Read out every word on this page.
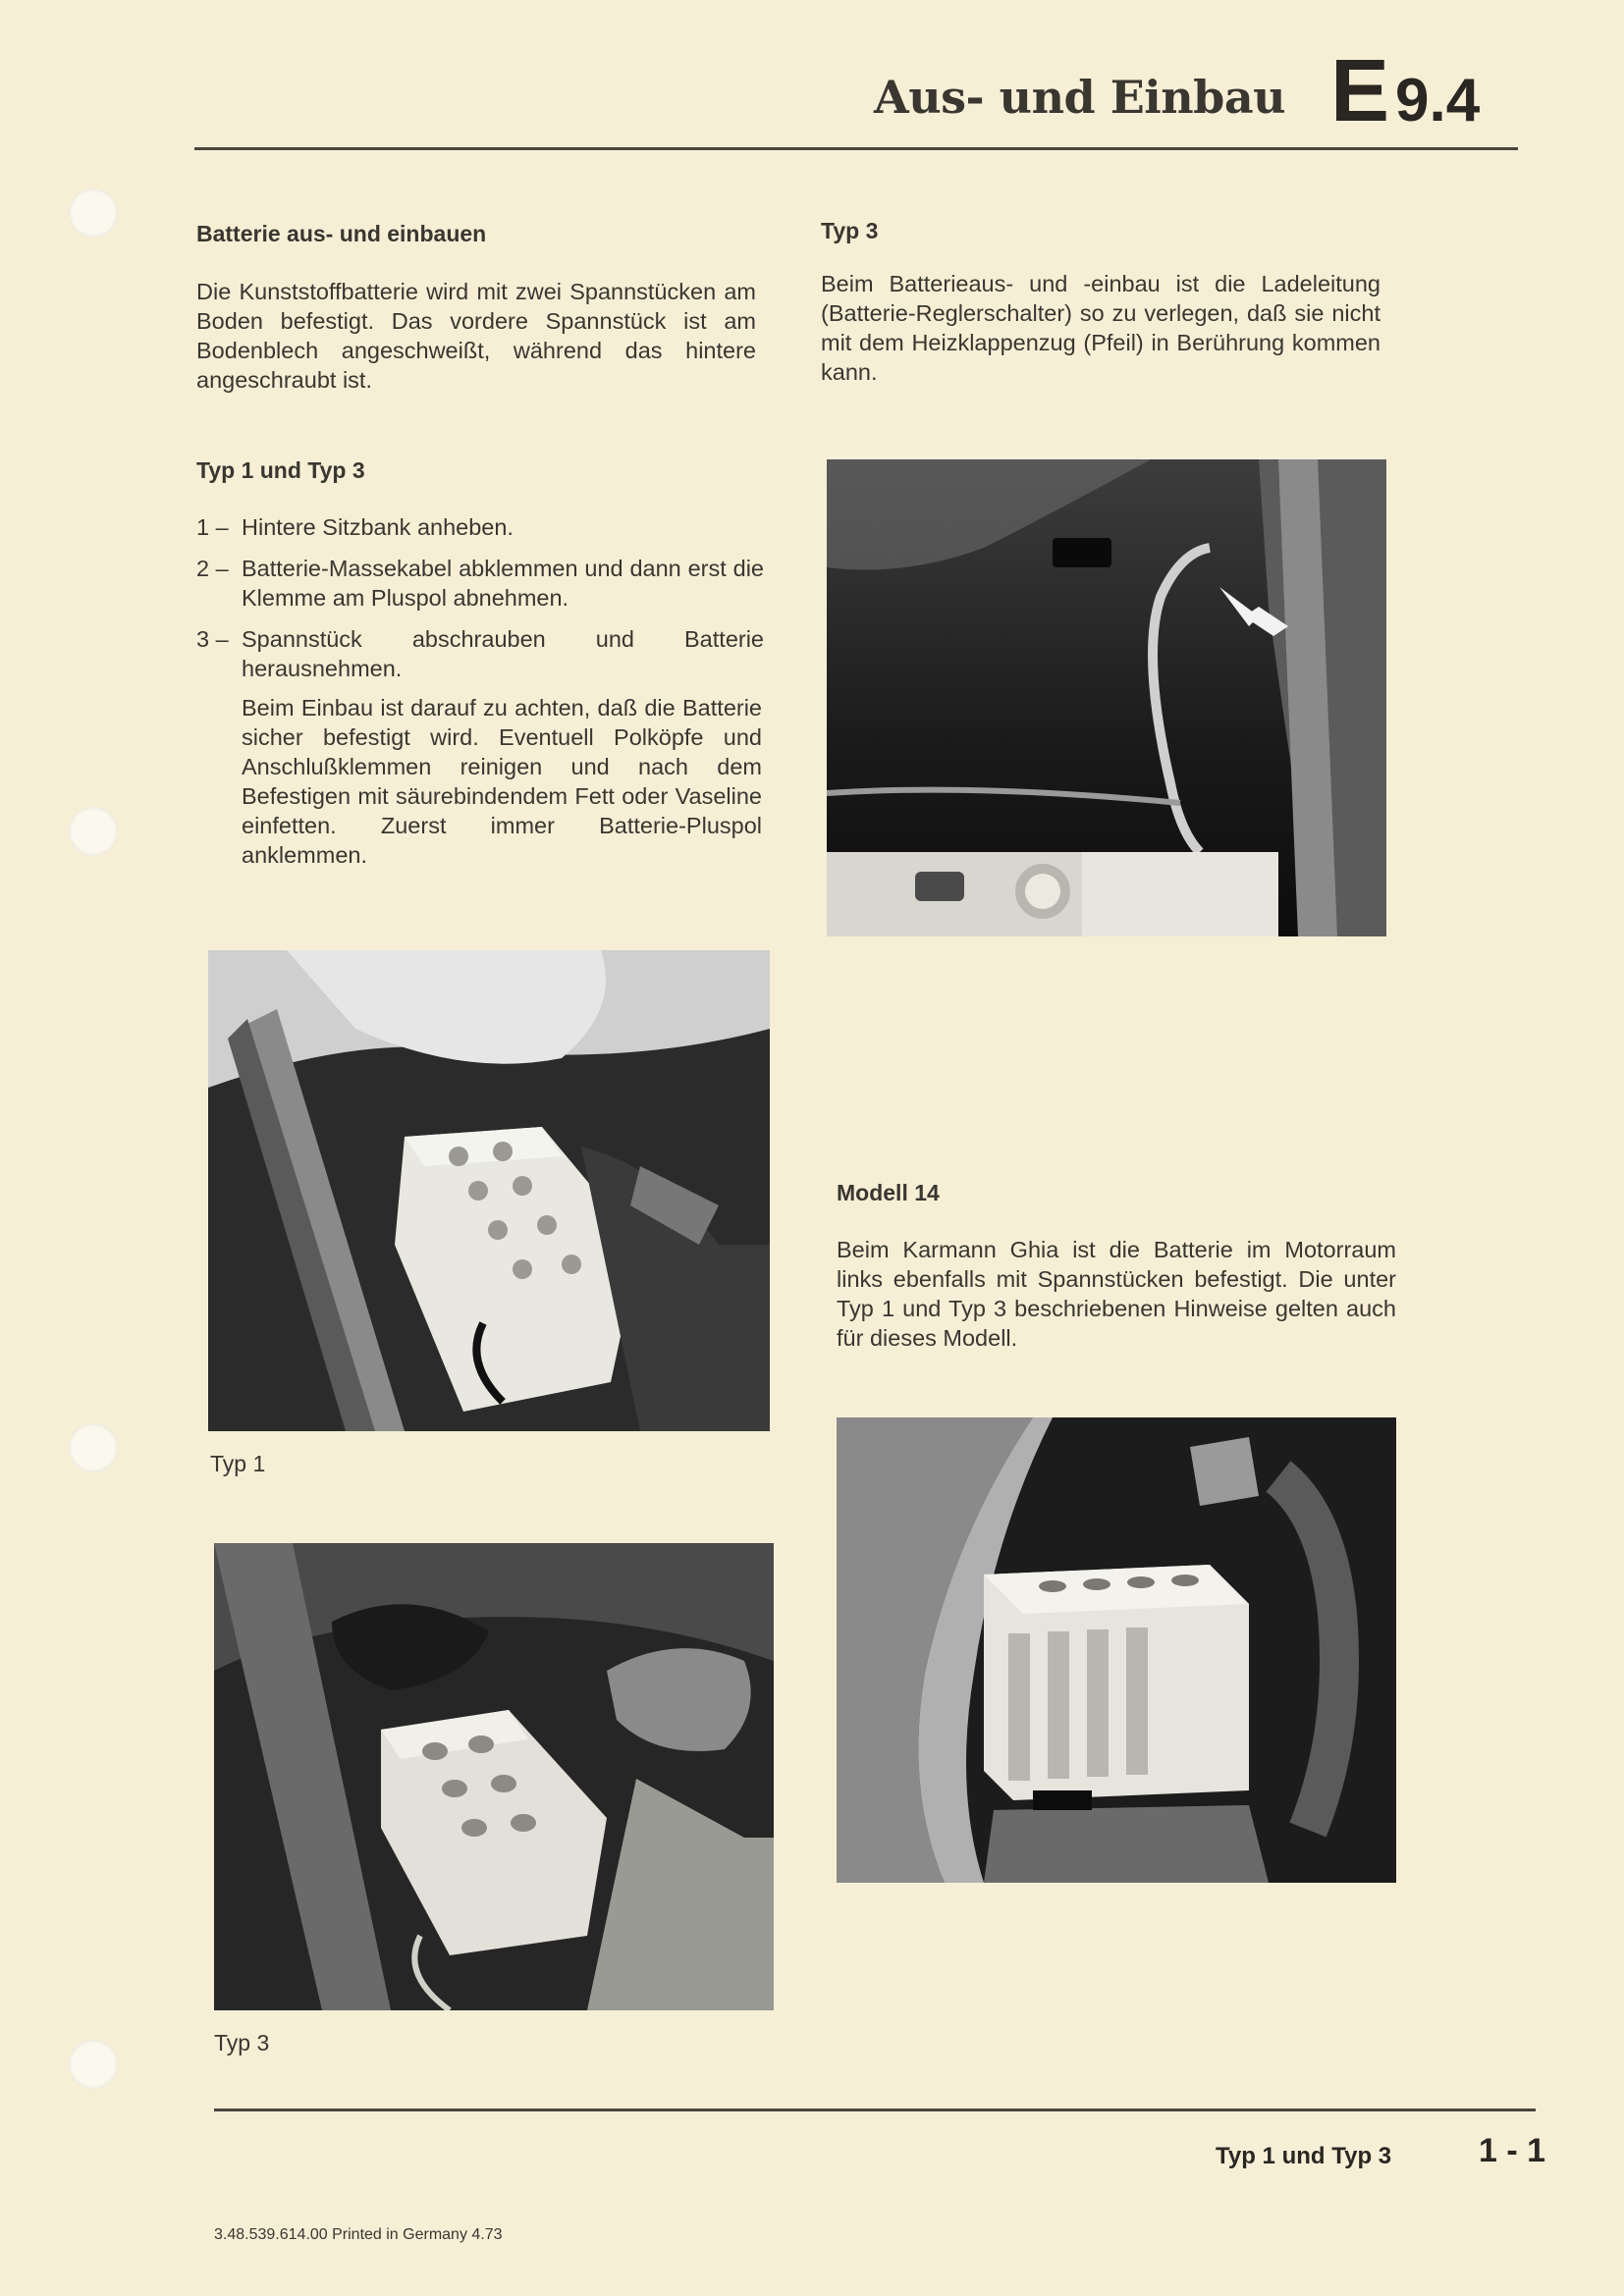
Aus- und Einbau E9.4
Batterie aus- und einbauen
Die Kunststoffbatterie wird mit zwei Spannstücken am Boden befestigt. Das vordere Spannstück ist am Bodenblech angeschweißt, während das hintere angeschraubt ist.
Typ 1 und Typ 3
1 – Hintere Sitzbank anheben.
2 – Batterie-Massekabel abklemmen und dann erst die Klemme am Pluspol abnehmen.
3 – Spannstück abschrauben und Batterie herausnehmen.
Beim Einbau ist darauf zu achten, daß die Batterie sicher befestigt wird. Eventuell Polköpfe und Anschlußklemmen reinigen und nach dem Befestigen mit säurebindendem Fett oder Vaseline einfetten. Zuerst immer Batterie-Pluspol anklemmen.
Typ 3
Beim Batterieaus- und -einbau ist die Ladeleitung (Batterie-Reglerschalter) so zu verlegen, daß sie nicht mit dem Heizklappenzug (Pfeil) in Berührung kommen kann.
Typ 1
Modell 14
Beim Karmann Ghia ist die Batterie im Motorraum links ebenfalls mit Spannstücken befestigt. Die unter Typ 1 und Typ 3 beschriebenen Hinweise gelten auch für dieses Modell.
Typ 3
Typ 1 und Typ 3	1 - 1
3.48.539.614.00 Printed in Germany 4.73
